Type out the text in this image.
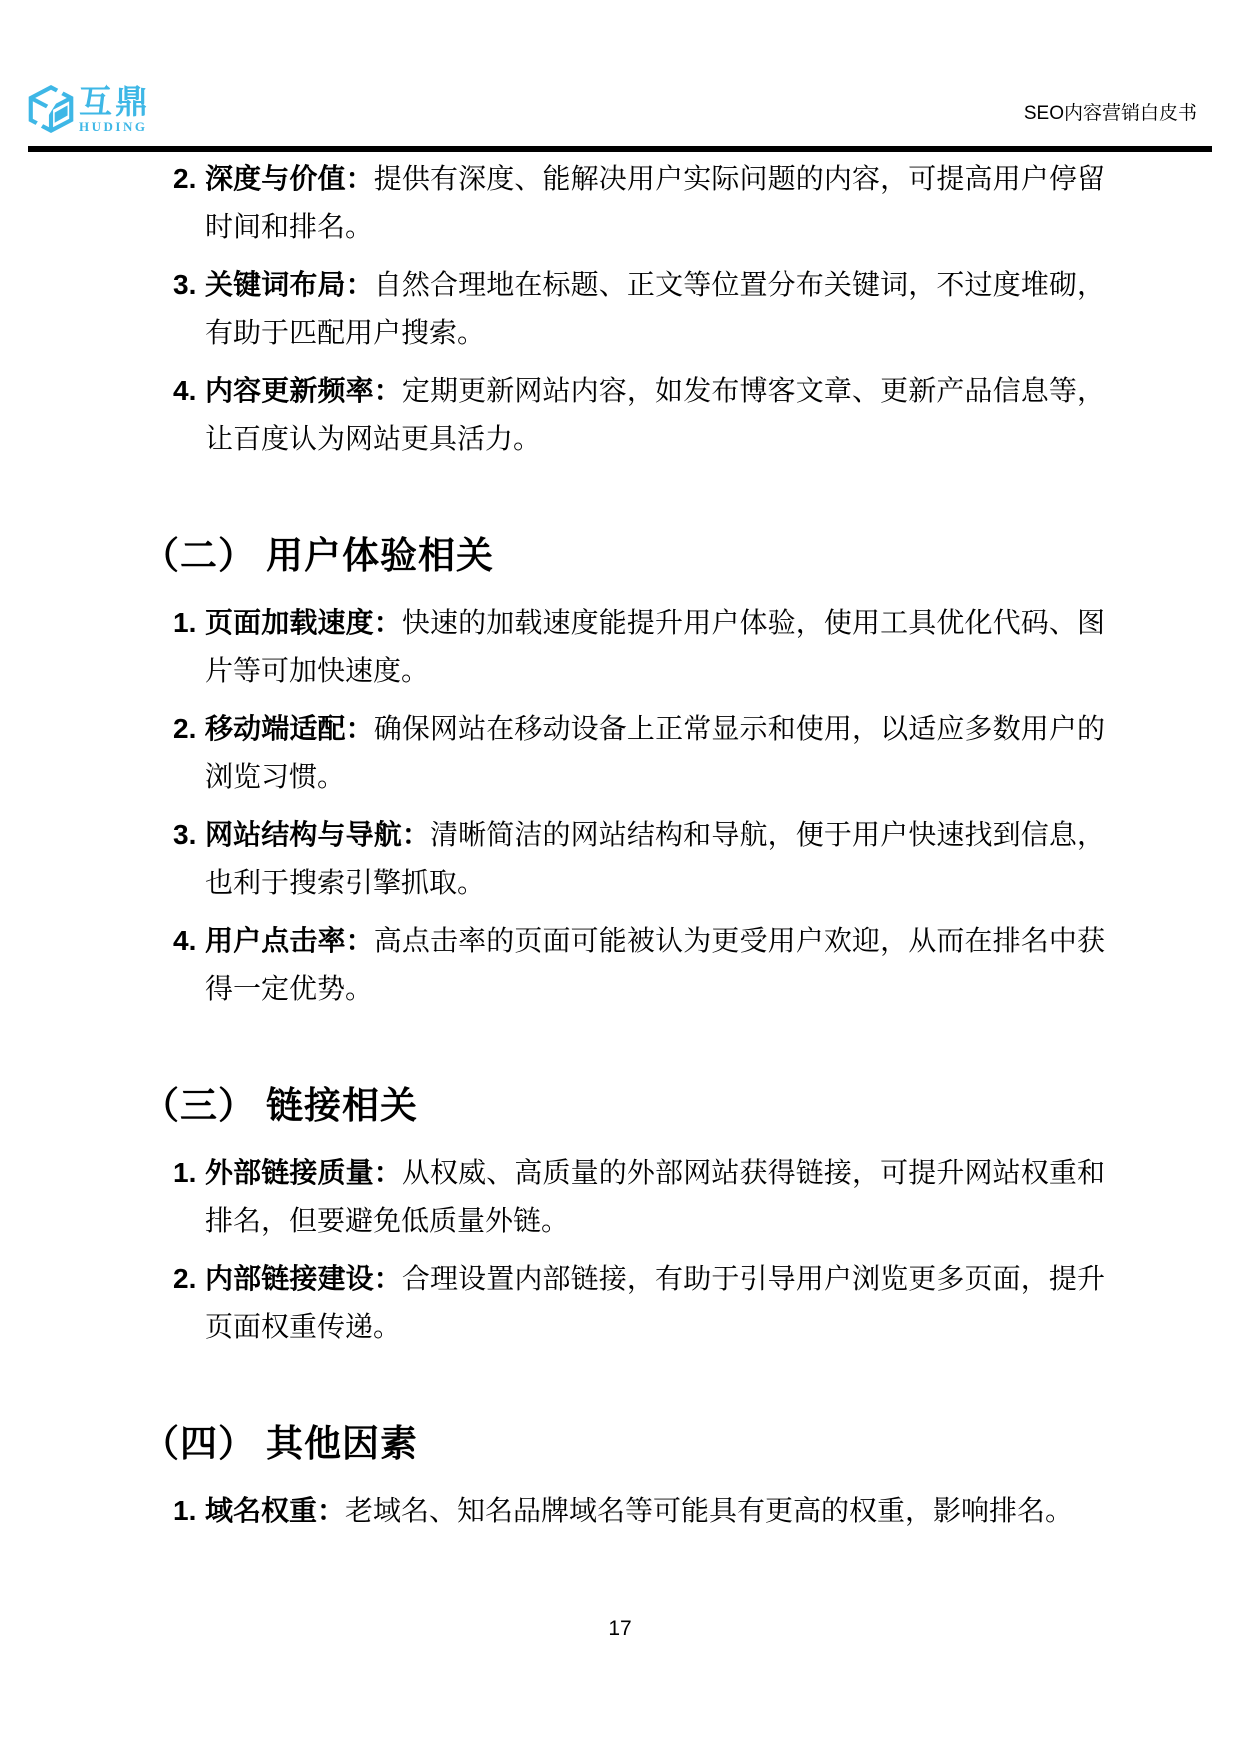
互鼎
HUDING
SEO内容营销白皮书
2. 深度与价值：提供有深度、能解决用户实际问题的内容，可提高用户停留时间和排名。
3. 关键词布局：自然合理地在标题、正文等位置分布关键词，不过度堆砌，有助于匹配用户搜索。
4. 内容更新频率：定期更新网站内容，如发布博客文章、更新产品信息等，让百度认为网站更具活力。
（二） 用户体验相关
1. 页面加载速度：快速的加载速度能提升用户体验，使用工具优化代码、图片等可加快速度。
2. 移动端适配：确保网站在移动设备上正常显示和使用，以适应多数用户的浏览习惯。
3. 网站结构与导航：清晰简洁的网站结构和导航，便于用户快速找到信息，也利于搜索引擎抓取。
4. 用户点击率：高点击率的页面可能被认为更受用户欢迎，从而在排名中获得一定优势。
（三） 链接相关
1. 外部链接质量：从权威、高质量的外部网站获得链接，可提升网站权重和排名，但要避免低质量外链。
2. 内部链接建设：合理设置内部链接，有助于引导用户浏览更多页面，提升页面权重传递。
（四） 其他因素
1. 域名权重：老域名、知名品牌域名等可能具有更高的权重，影响排名。
17
